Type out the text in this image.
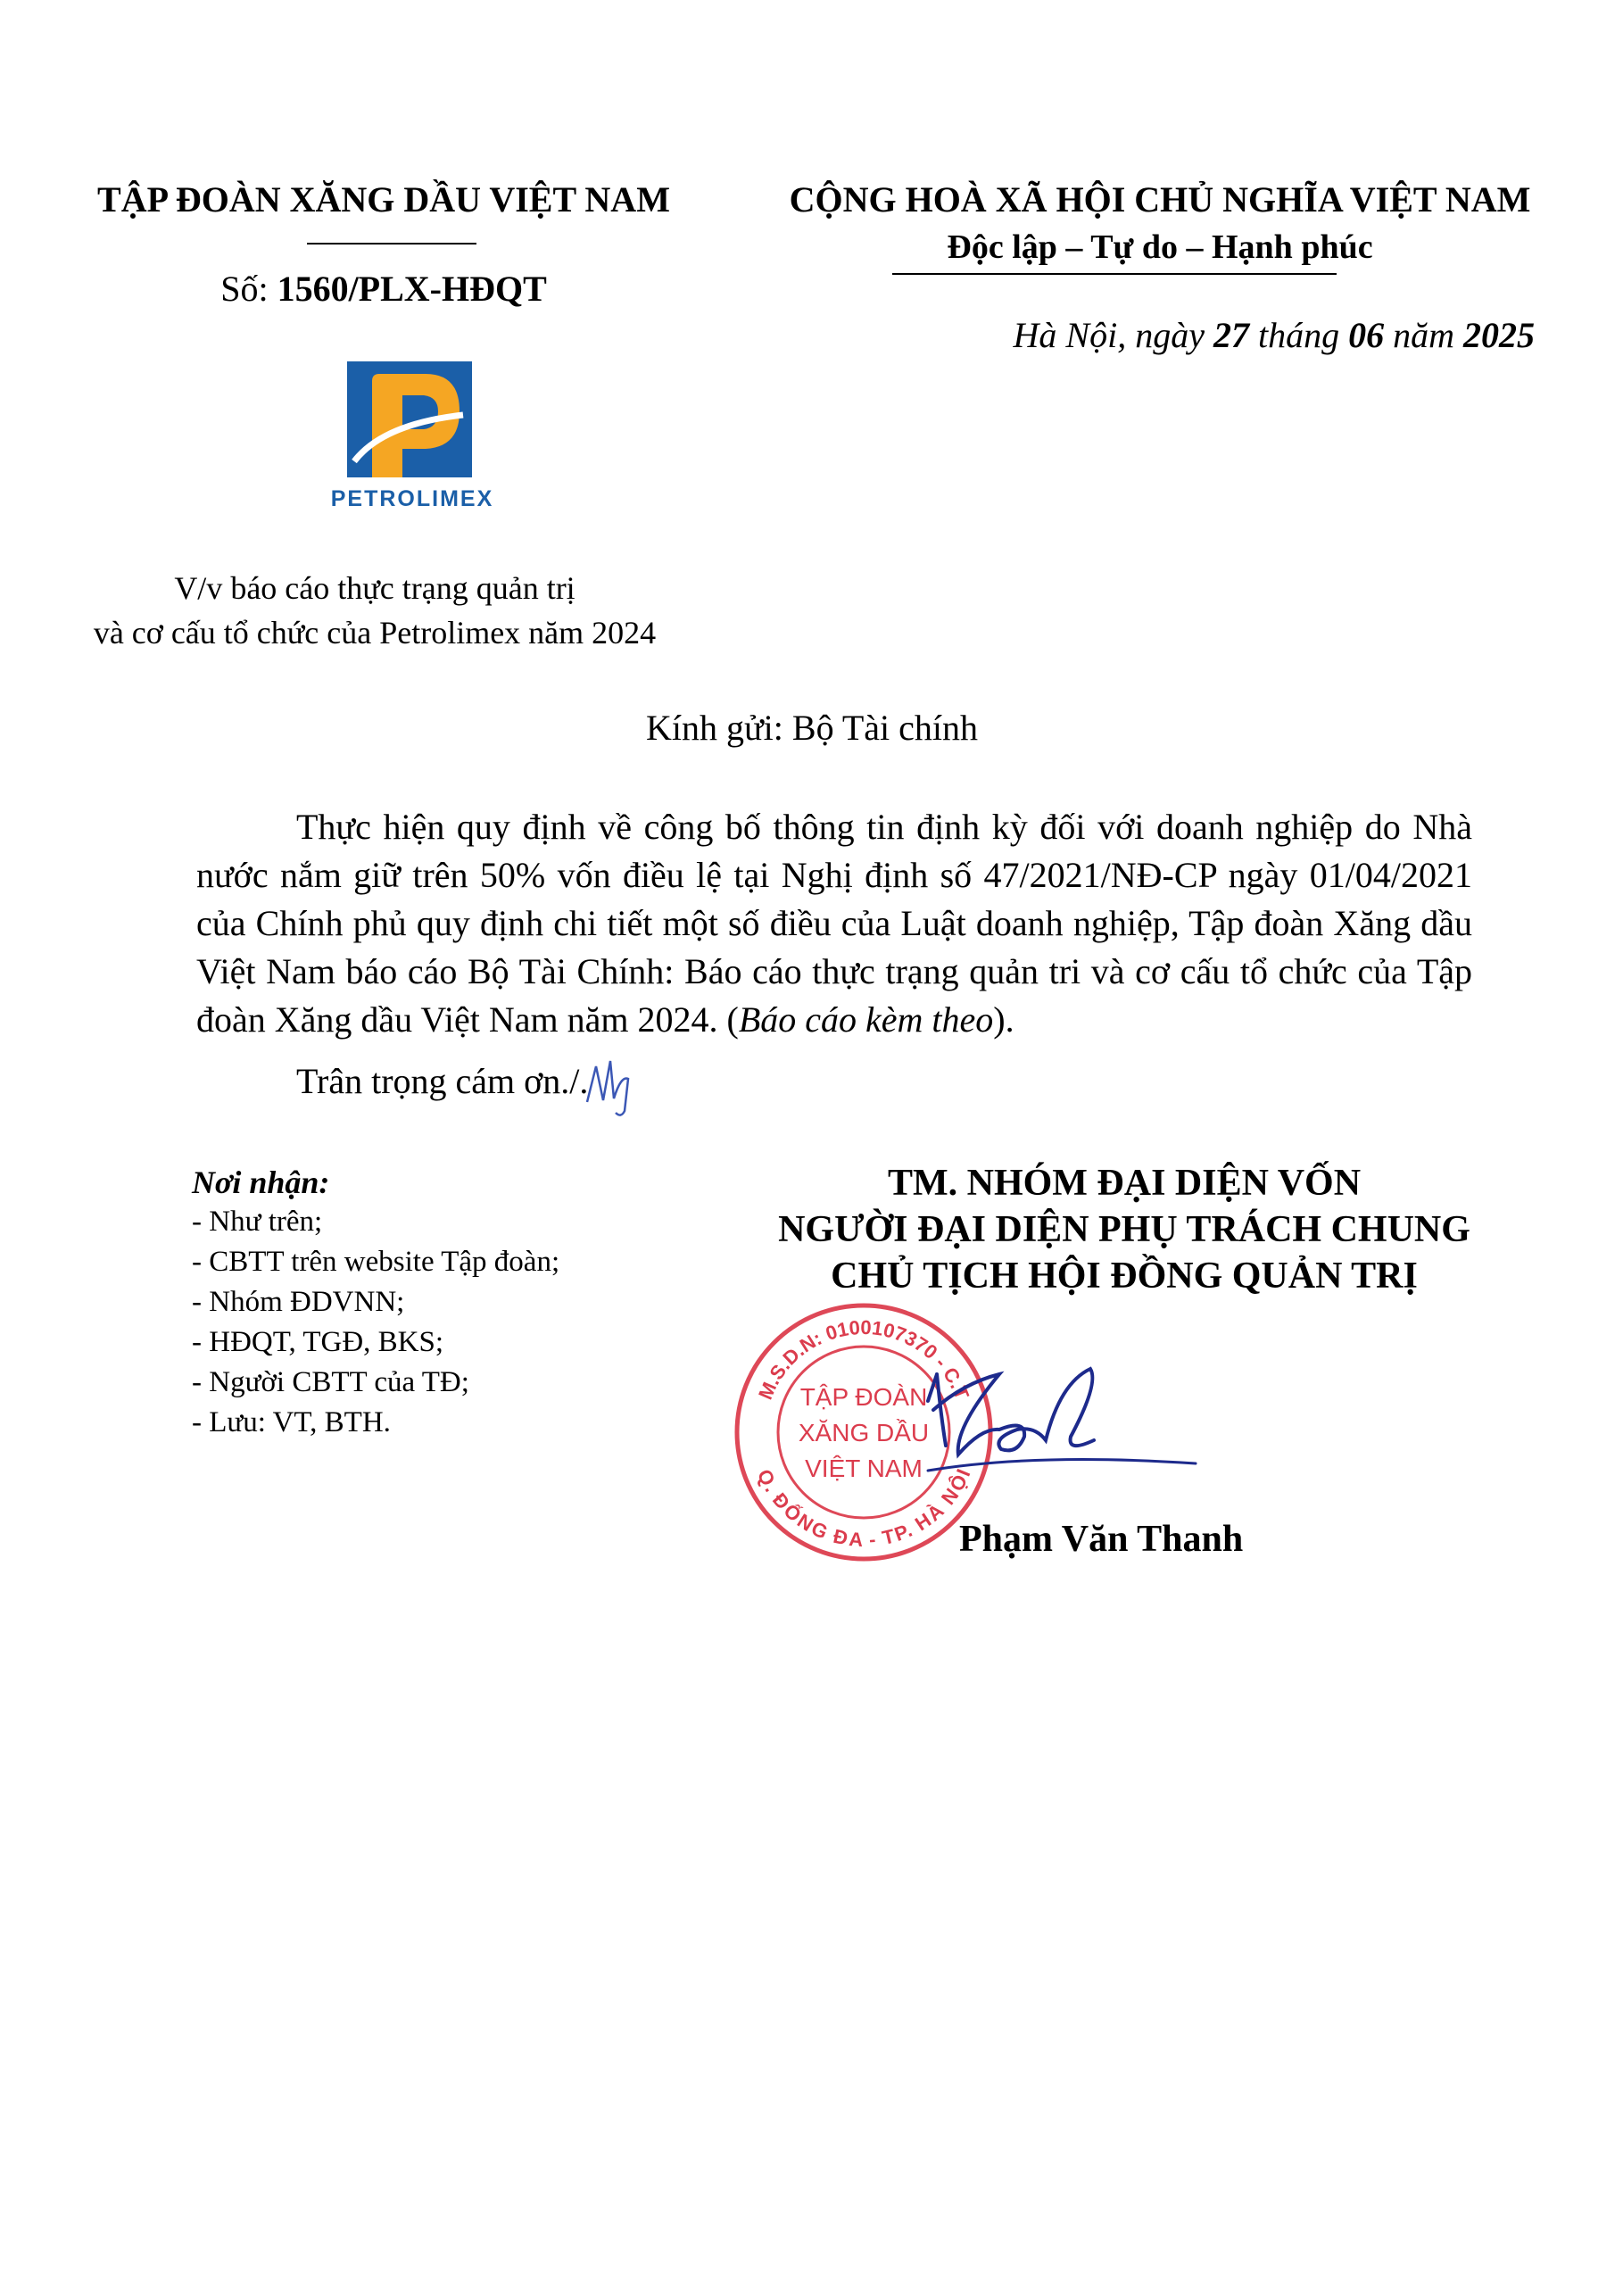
TẬP ĐOÀN XĂNG DẦU VIỆT NAM
Số: 1560/PLX-HĐQT
CỘNG HOÀ XÃ HỘI CHỦ NGHĨA VIỆT NAM
Độc lập – Tự do – Hạnh phúc
Hà Nội, ngày 27 tháng 06 năm 2025
PETROLIMEX
V/v báo cáo thực trạng quản trị
và cơ cấu tổ chức của Petrolimex năm 2024
Kính gửi: Bộ Tài chính
Thực hiện quy định về công bố thông tin định kỳ đối với doanh nghiệp do Nhà nước nắm giữ trên 50% vốn điều lệ tại Nghị định số 47/2021/NĐ-CP ngày 01/04/2021 của Chính phủ quy định chi tiết một số điều của Luật doanh nghiệp, Tập đoàn Xăng dầu Việt Nam báo cáo Bộ Tài Chính: Báo cáo thực trạng quản tri và cơ cấu tổ chức của Tập đoàn Xăng dầu Việt Nam năm 2024. (Báo cáo kèm theo).
Trân trọng cám ơn./.
Nơi nhận:
- Như trên;
- CBTT trên website Tập đoàn;
- Nhóm ĐDVNN;
- HĐQT, TGĐ, BKS;
- Người CBTT của TĐ;
- Lưu: VT, BTH.
TM. NHÓM ĐẠI DIỆN VỐN
NGƯỜI ĐẠI DIỆN PHỤ TRÁCH CHUNG
CHỦ TỊCH HỘI ĐỒNG QUẢN TRỊ
M.S.D.N: 0100107370 - C.T
Q. ĐỐNG ĐA - TP. HÀ NỘI
TẬP ĐOÀN
XĂNG DẦU
VIỆT NAM
Phạm Văn Thanh
